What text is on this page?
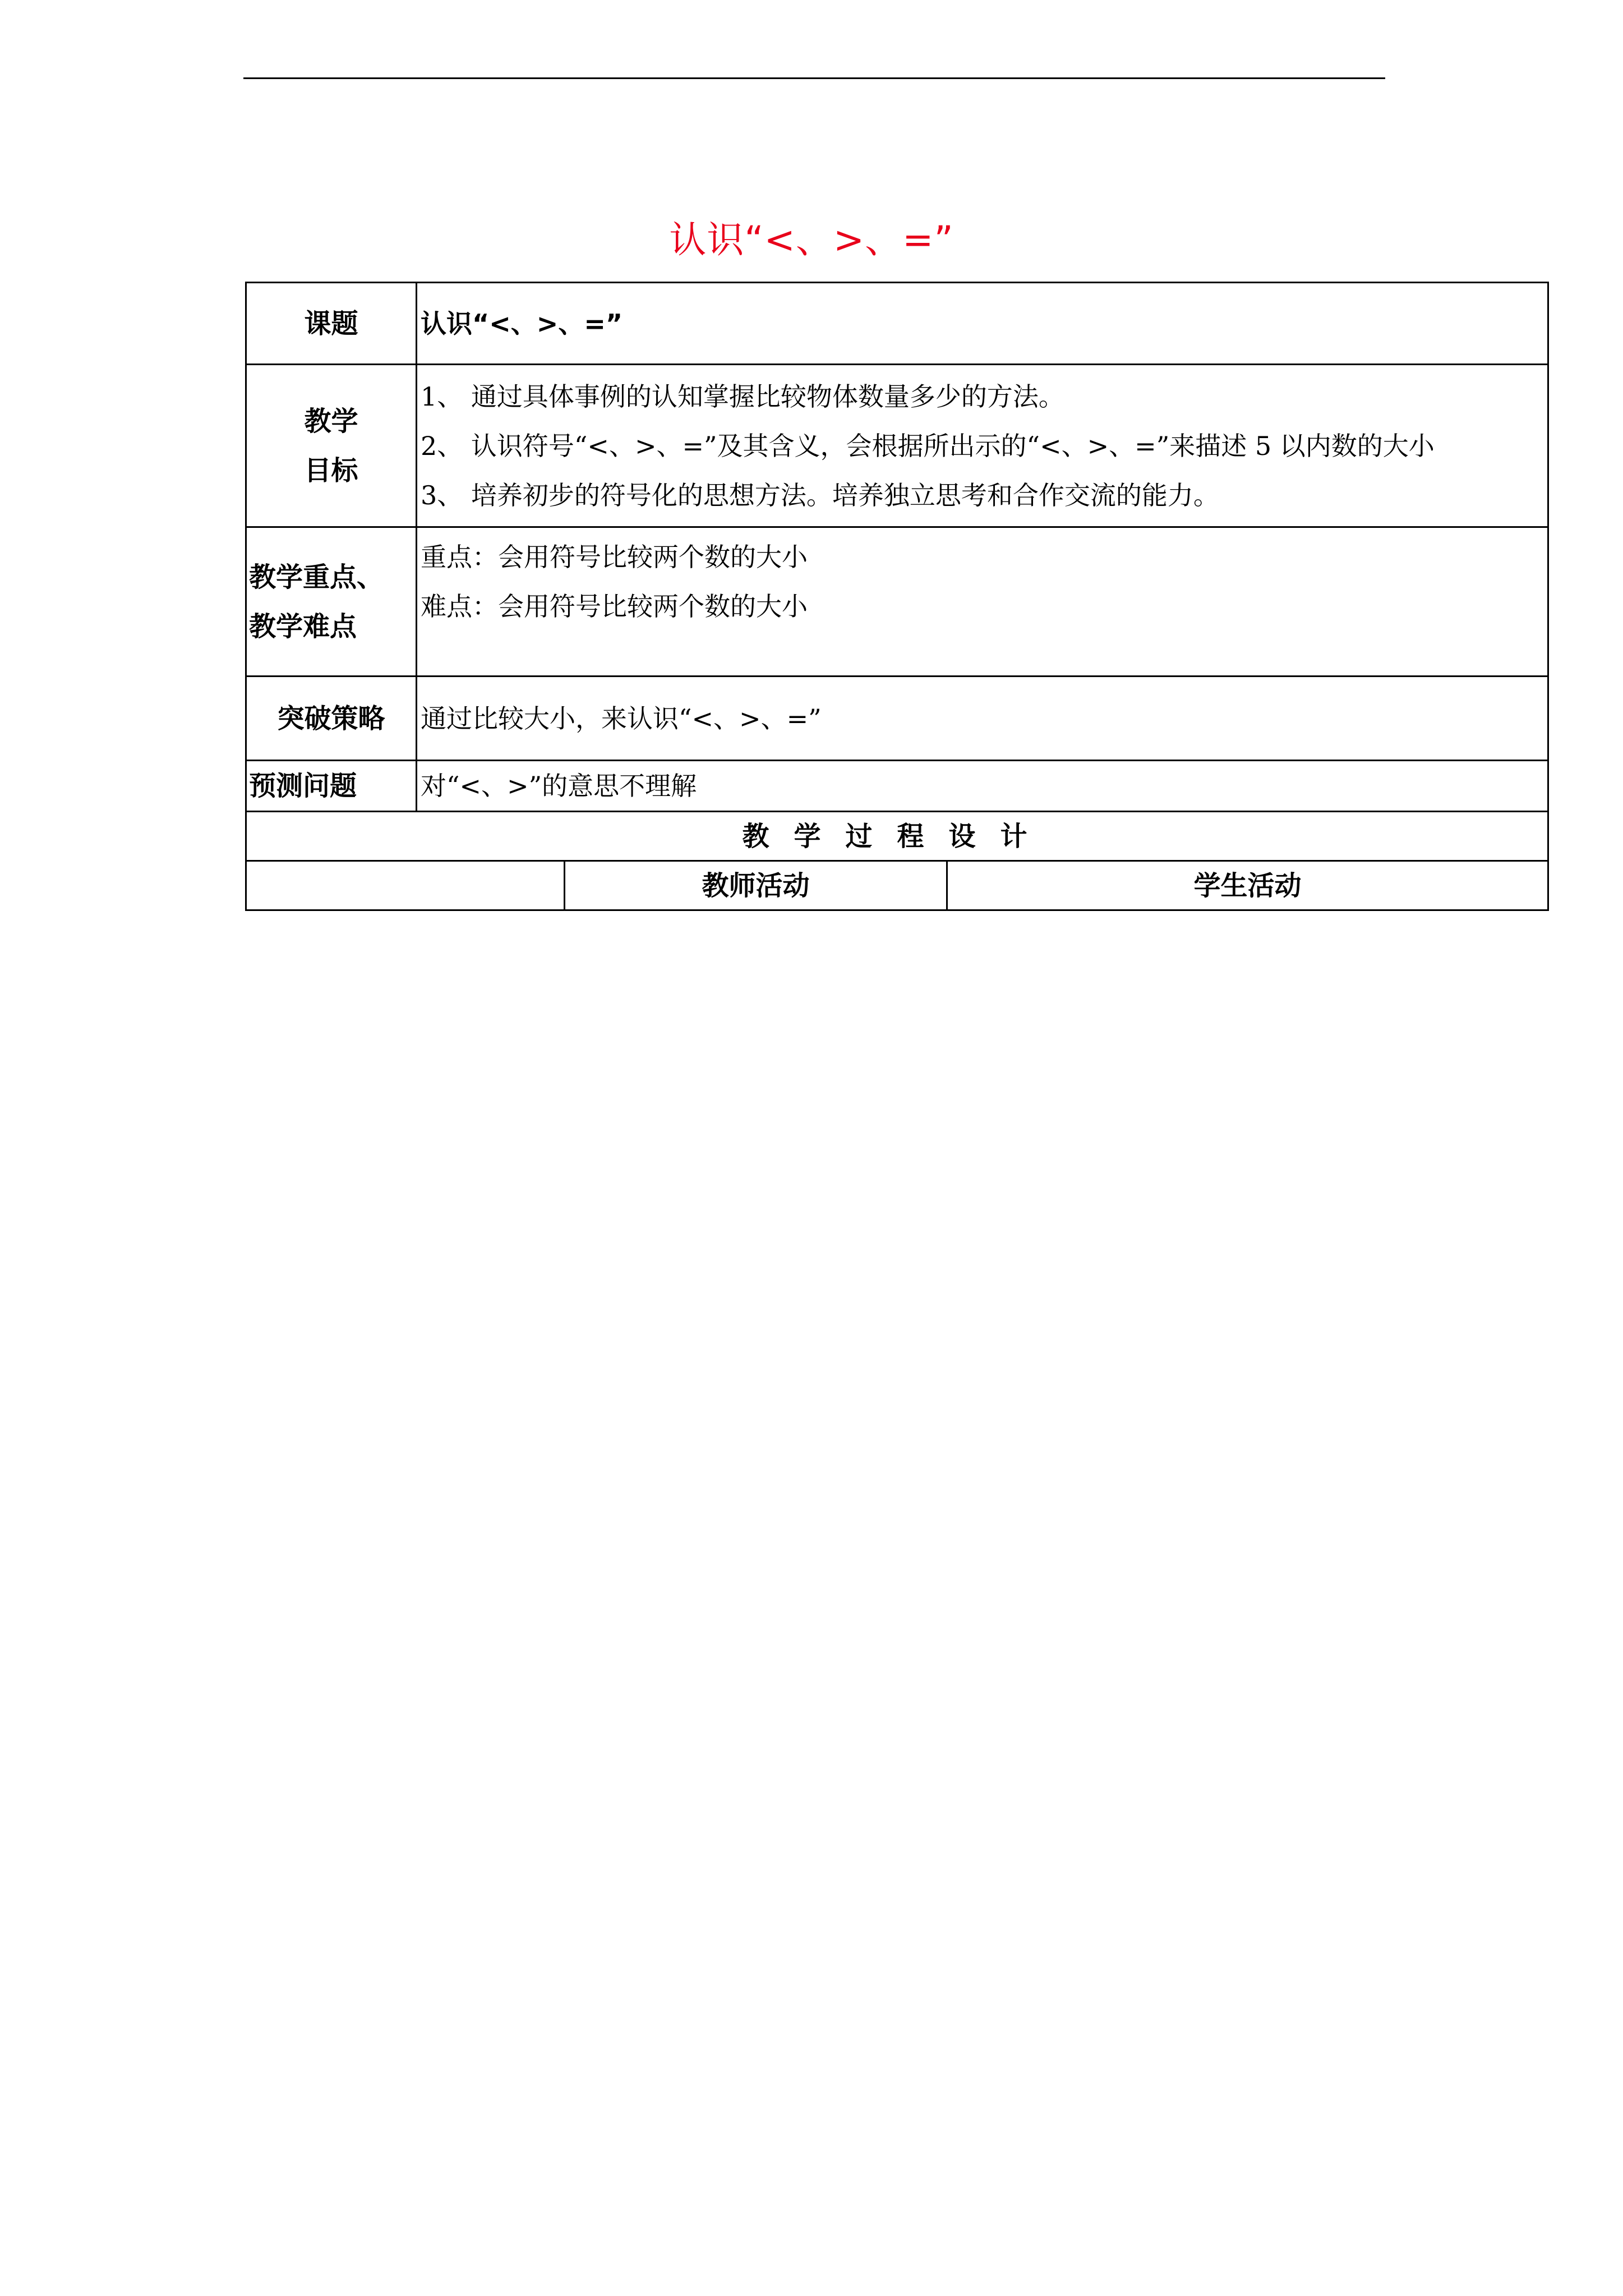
认识“<、>、=”
课题	认识“<、>、=”		

教学
目标	1、 通过具体事例的认知掌握比较物体数量多少的方法。
2、 认识符号“<、>、=”及其含义，会根据所出示的“<、>、=”来描述 5 以内数的大小
3、 培养初步的符号化的思想方法。培养独立思考和合作交流的能力。		

教学重点、
教学难点	重点：会用符号比较两个数的大小
难点：会用符号比较两个数的大小		

突破策略	通过比较大小，来认识“<、>、=”		
预测问题	对“<、>”的意思不理解		
教学过程设计			
		教师活动	学生活动
